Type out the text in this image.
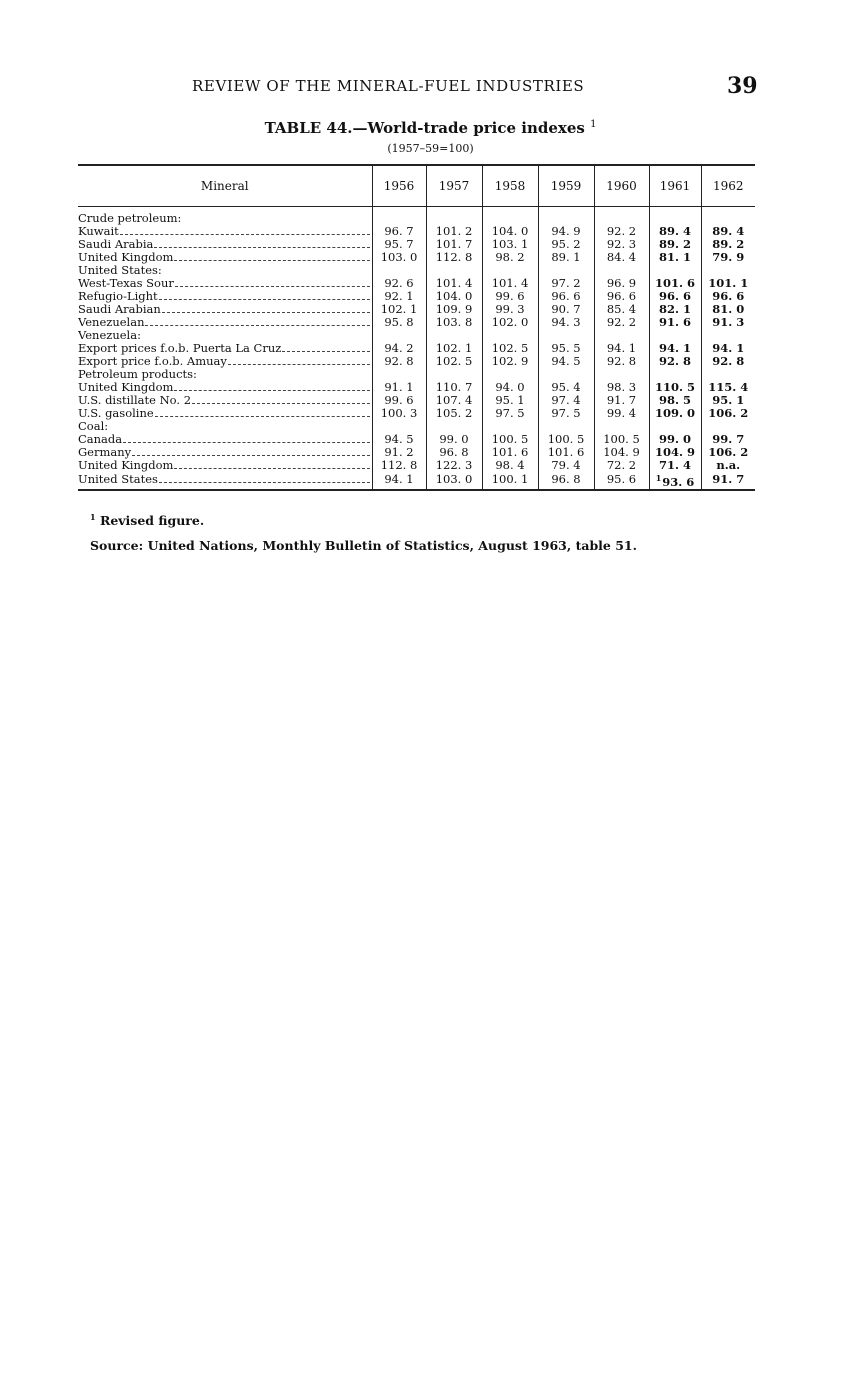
REVIEW OF THE MINERAL-FUEL INDUSTRIES	39
TABLE 44.—World-trade price indexes $^1$
(1957–59=100)
Mineral	1956	1957	1958	1959	1960	1961	1962

Crude petroleum:							

Kuwait	96. 7	101. 2	104. 0	94. 9	92. 2	89. 4	89. 4

Saudi Arabia	95. 7	101. 7	103. 1	95. 2	92. 3	89. 2	89. 2

United Kingdom	103. 0	112. 8	98. 2	89. 1	84. 4	81. 1	79. 9

United States:							

West-Texas Sour	92. 6	101. 4	101. 4	97. 2	96. 9	101. 6	101. 1

Refugio-Light	92. 1	104. 0	99. 6	96. 6	96. 6	96. 6	96. 6

Saudi Arabian	102. 1	109. 9	99. 3	90. 7	85. 4	82. 1	81. 0

Venezuelan	95. 8	103. 8	102. 0	94. 3	92. 2	91. 6	91. 3

Venezuela:							

Export prices f.o.b. Puerta La Cruz	94. 2	102. 1	102. 5	95. 5	94. 1	94. 1	94. 1

Export price f.o.b. Amuay	92. 8	102. 5	102. 9	94. 5	92. 8	92. 8	92. 8

Petroleum products:							

United Kingdom	91. 1	110. 7	94. 0	95. 4	98. 3	110. 5	115. 4

U.S. distillate No. 2	99. 6	107. 4	95. 1	97. 4	91. 7	98. 5	95. 1

U.S. gasoline	100. 3	105. 2	97. 5	97. 5	99. 4	109. 0	106. 2

Coal:							

Canada	94. 5	99. 0	100. 5	100. 5	100. 5	99. 0	99. 7

Germany	91. 2	96. 8	101. 6	101. 6	104. 9	104. 9	106. 2

United Kingdom	112. 8	122. 3	98. 4	79. 4	72. 2	71. 4	n.a.

United States	94. 1	103. 0	100. 1	96. 8	95. 6	$^1$93. 6	91. 7
$^1$ Revised figure.
Source: United Nations, Monthly Bulletin of Statistics, August 1963, table 51.
